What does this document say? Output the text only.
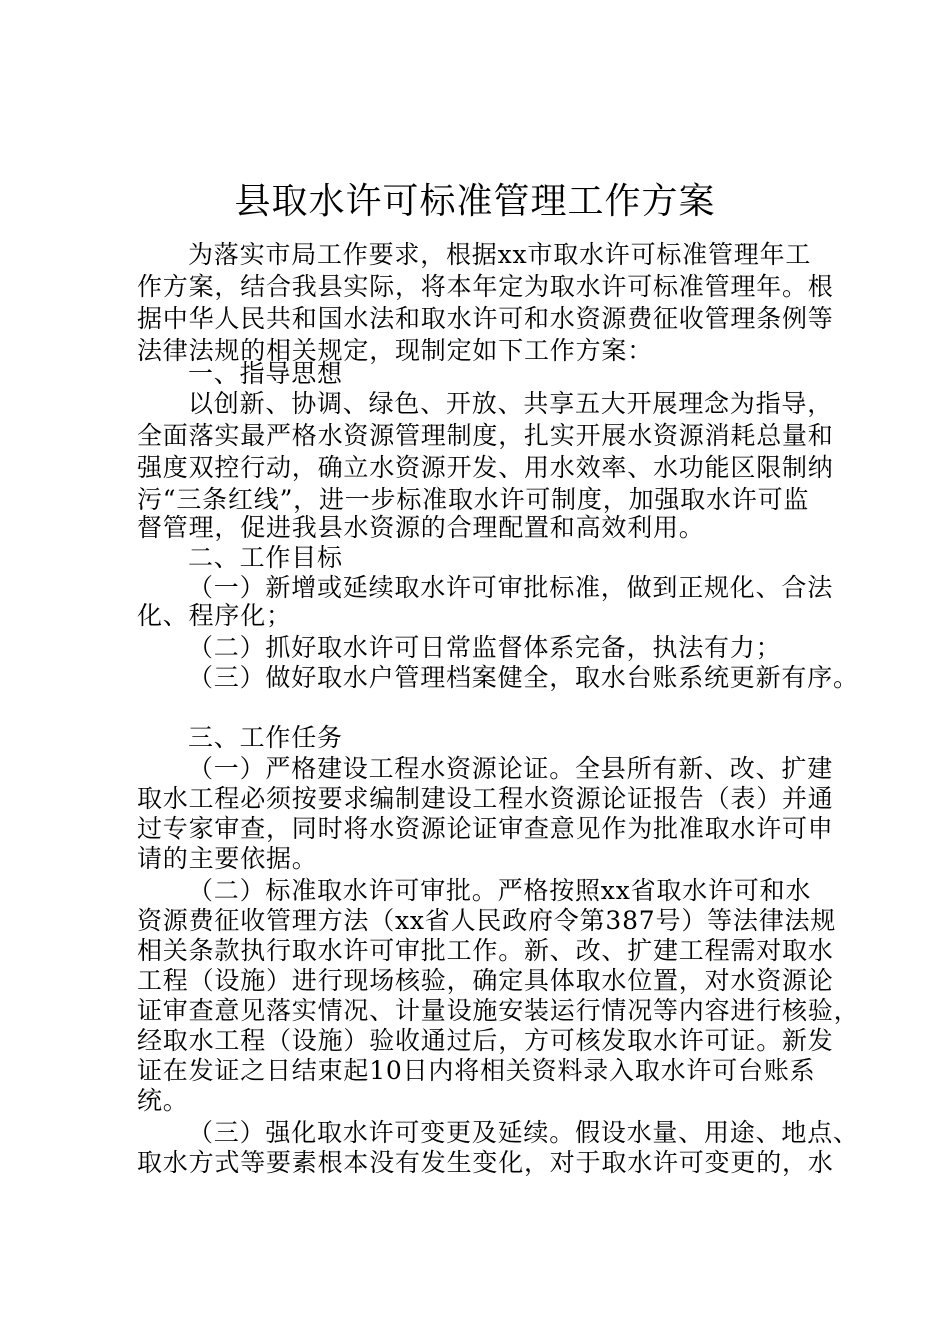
县取水许可标准管理工作方案
为落实市局工作要求，根据xx市取水许可标准管理年工
作方案，结合我县实际，将本年定为取水许可标准管理年。根
据中华人民共和国水法和取水许可和水资源费征收管理条例等
法律法规的相关规定，现制定如下工作方案：
一、指导思想
以创新、协调、绿色、开放、共享五大开展理念为指导，
全面落实最严格水资源管理制度，扎实开展水资源消耗总量和
强度双控行动，确立水资源开发、用水效率、水功能区限制纳
污“三条红线”，进一步标准取水许可制度，加强取水许可监
督管理，促进我县水资源的合理配置和高效利用。
二、工作目标
（一）新增或延续取水许可审批标准，做到正规化、合法
化、程序化；
（二）抓好取水许可日常监督体系完备，执法有力；
（三）做好取水户管理档案健全，取水台账系统更新有序。
三、工作任务
（一）严格建设工程水资源论证。全县所有新、改、扩建
取水工程必须按要求编制建设工程水资源论证报告（表）并通
过专家审查，同时将水资源论证审查意见作为批准取水许可申
请的主要依据。
（二）标准取水许可审批。严格按照xx省取水许可和水
资源费征收管理方法（xx省人民政府令第387号）等法律法规
相关条款执行取水许可审批工作。新、改、扩建工程需对取水
工程（设施）进行现场核验，确定具体取水位置，对水资源论
证审查意见落实情况、计量设施安装运行情况等内容进行核验，
经取水工程（设施）验收通过后，方可核发取水许可证。新发
证在发证之日结束起10日内将相关资料录入取水许可台账系
统。
（三）强化取水许可变更及延续。假设水量、用途、地点、
取水方式等要素根本没有发生变化，对于取水许可变更的，水
